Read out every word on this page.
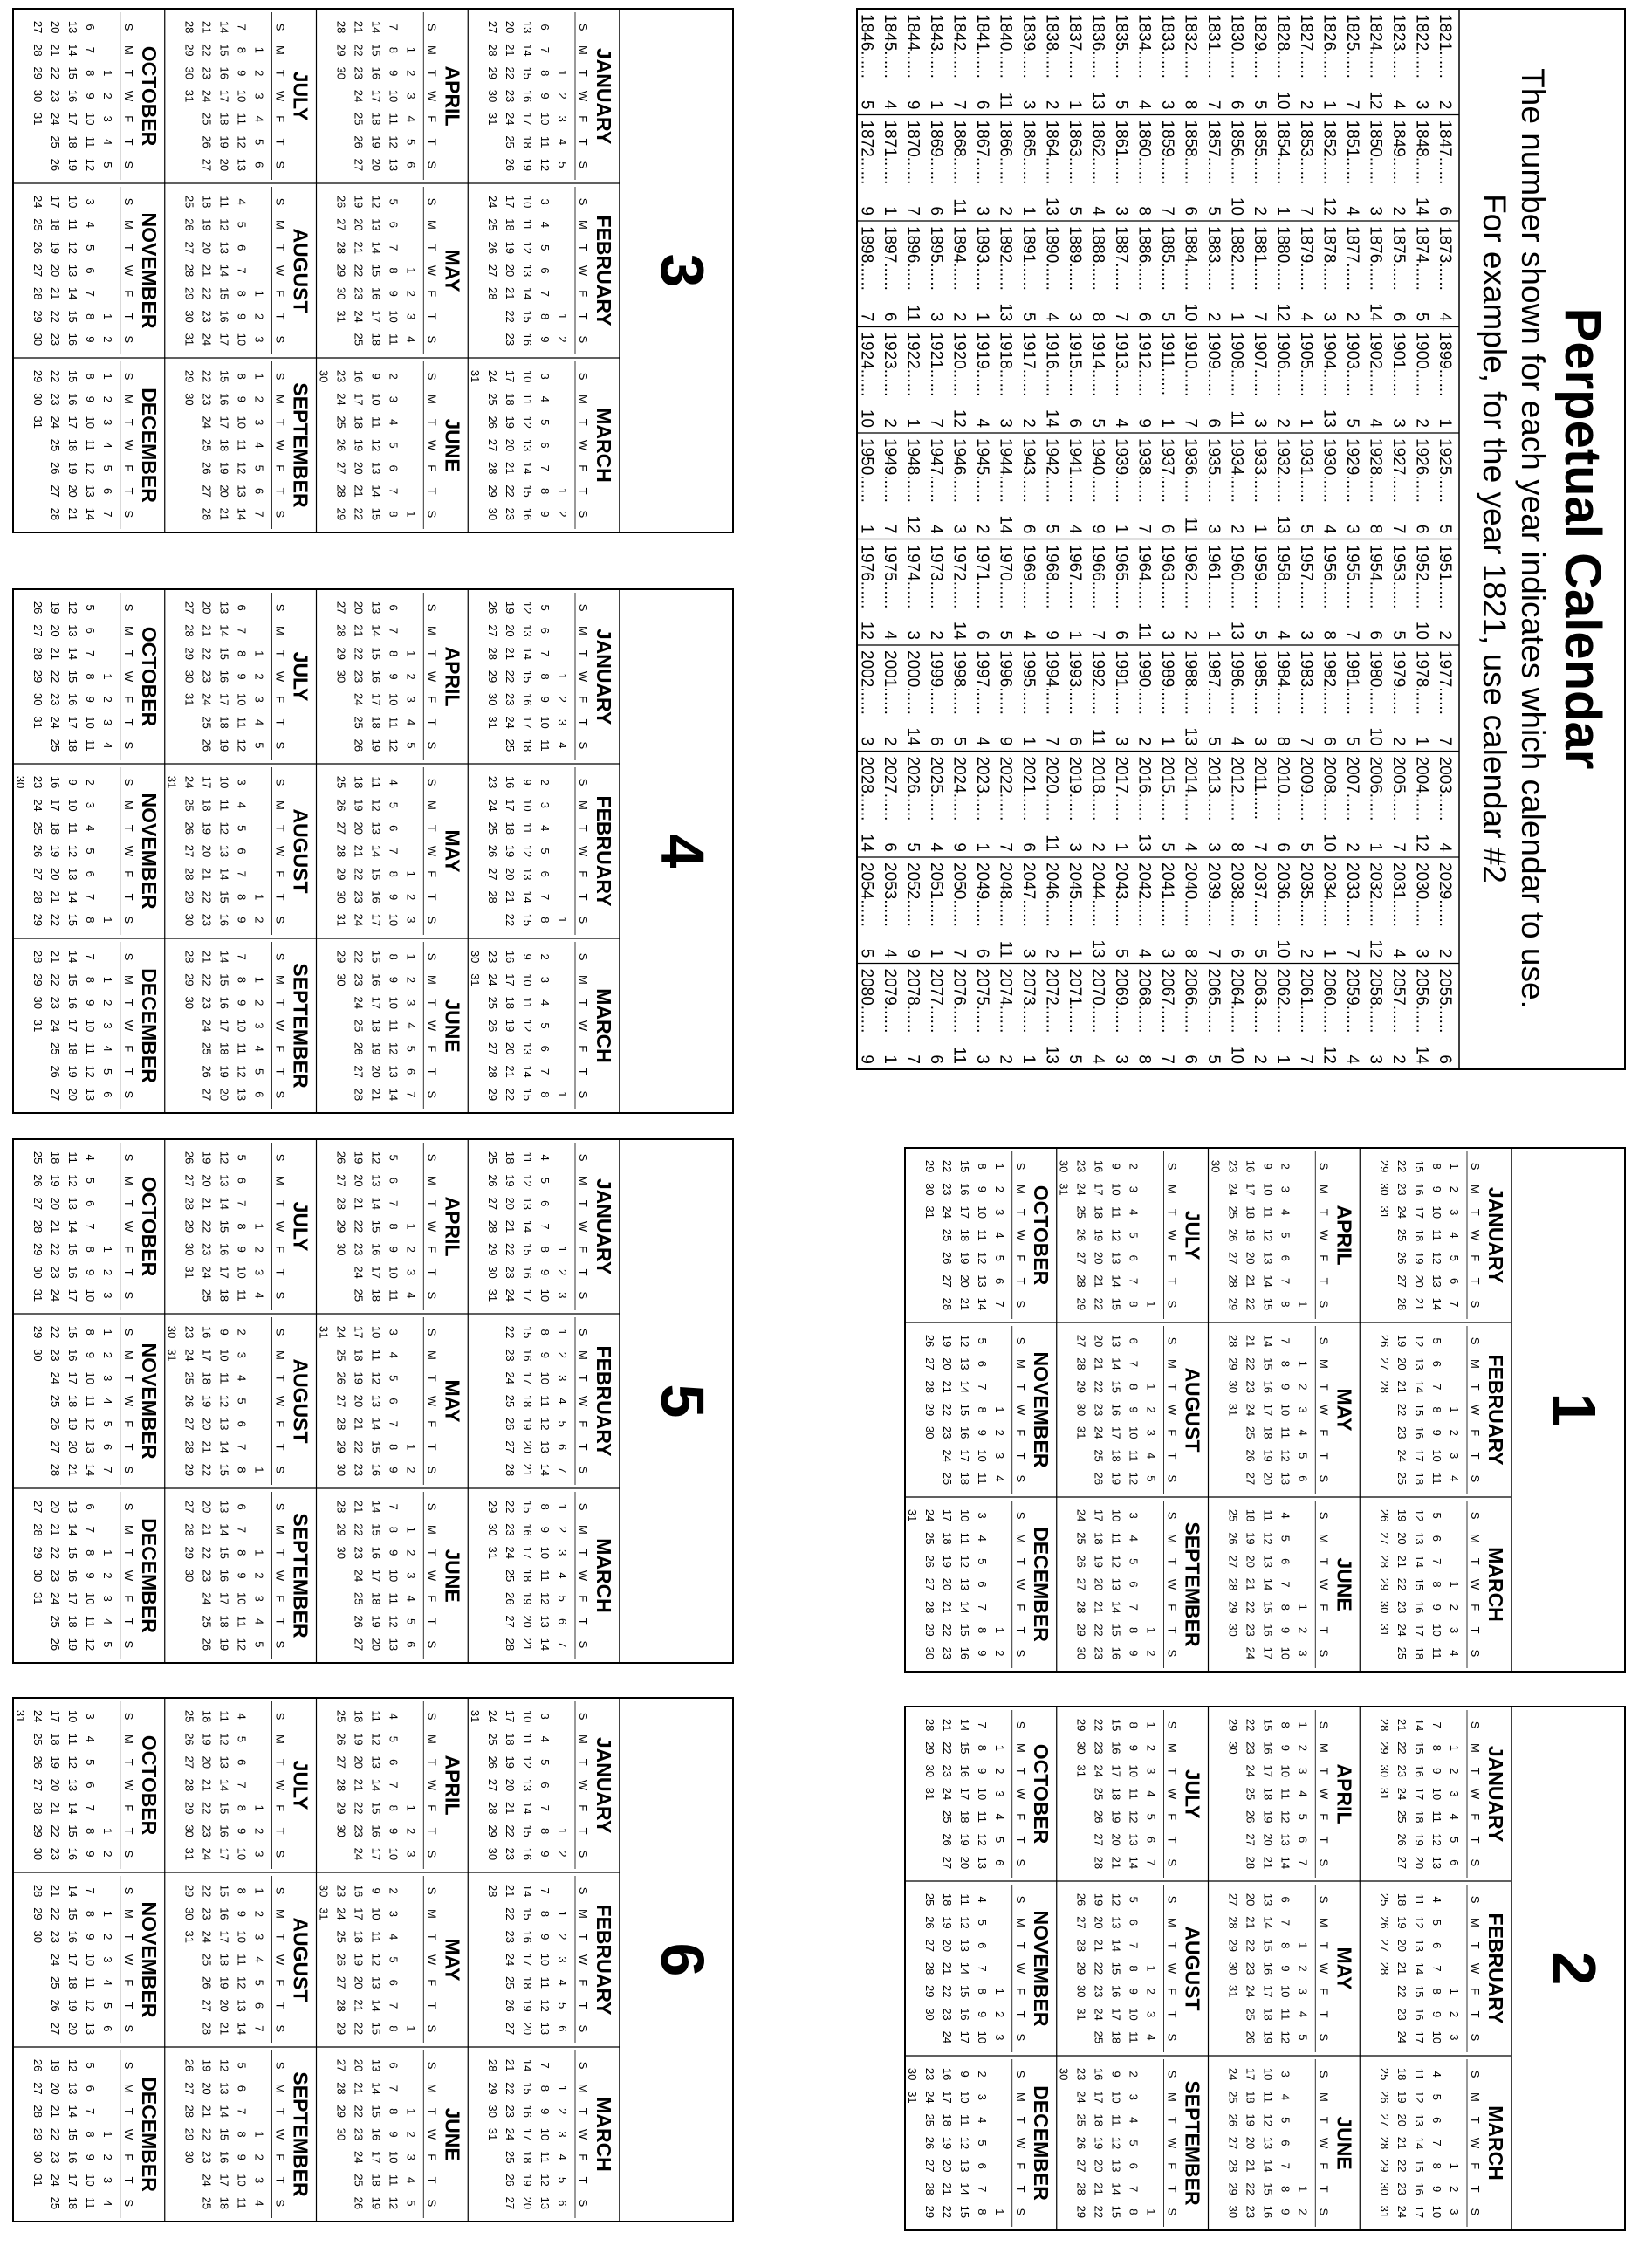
Perpetual Calendar
The number shown for each year indicates which calendar to use.
For example, for the year 1821, use calendar #2
1821......
2
1822......
3
1823......
4
1824......
12
1825......
7
1826......
1
1827......
2
1828......
10
1829......
5
1830......
6
1831......
7
1832......
8
1833......
3
1834......
4
1835......
5
1836......
13
1837......
1
1838......
2
1839......
3
1840......
11
1841......
6
1842......
7
1843......
1
1844......
9
1845......
4
1846......
5
1847......
6
1848......
14
1849......
2
1850......
3
1851......
4
1852......
12
1853......
7
1854......
1
1855......
2
1856......
10
1857......
5
1858......
6
1859......
7
1860......
8
1861......
3
1862......
4
1863......
5
1864......
13
1865......
1
1866......
2
1867......
3
1868......
11
1869......
6
1870......
7
1871......
1
1872......
9
1873......
4
1874......
5
1875......
6
1876......
14
1877......
2
1878......
3
1879......
4
1880......
12
1881......
7
1882......
1
1883......
2
1884......
10
1885......
5
1886......
6
1887......
7
1888......
8
1889......
3
1890......
4
1891......
5
1892......
13
1893......
1
1894......
2
1895......
3
1896......
11
1897......
6
1898......
7
1899......
1
1900......
2
1901......
3
1902......
4
1903......
5
1904......
13
1905......
1
1906......
2
1907......
3
1908......
11
1909......
6
1910......
7
1911......
1
1912......
9
1913......
4
1914......
5
1915......
6
1916......
14
1917......
2
1918......
3
1919......
4
1920......
12
1921......
7
1922......
1
1923......
2
1924......
10
1925......
5
1926......
6
1927......
7
1928......
8
1929......
3
1930......
4
1931......
5
1932......
13
1933......
1
1934......
2
1935......
3
1936......
11
1937......
6
1938......
7
1939......
1
1940......
9
1941......
4
1942......
5
1943......
6
1944......
14
1945......
2
1946......
3
1947......
4
1948......
12
1949......
7
1950......
1
1951......
2
1952......
10
1953......
5
1954......
6
1955......
7
1956......
8
1957......
3
1958......
4
1959......
5
1960......
13
1961......
1
1962......
2
1963......
3
1964......
11
1965......
6
1966......
7
1967......
1
1968......
9
1969......
4
1970......
5
1971......
6
1972......
14
1973......
2
1974......
3
1975......
4
1976......
12
1977......
7
1978......
1
1979......
2
1980......
10
1981......
5
1982......
6
1983......
7
1984......
8
1985......
3
1986......
4
1987......
5
1988......
13
1989......
1
1990......
2
1991......
3
1992......
11
1993......
6
1994......
7
1995......
1
1996......
9
1997......
4
1998......
5
1999......
6
2000......
14
2001......
2
2002......
3
2003......
4
2004......
12
2005......
7
2006......
1
2007......
2
2008......
10
2009......
5
2010......
6
2011......
7
2012......
8
2013......
3
2014......
4
2015......
5
2016......
13
2017......
1
2018......
2
2019......
3
2020......
11
2021......
6
2022......
7
2023......
1
2024......
9
2025......
4
2026......
5
2027......
6
2028......
14
2029......
2
2030......
3
2031......
4
2032......
12
2033......
7
2034......
1
2035......
2
2036......
10
2037......
5
2038......
6
2039......
7
2040......
8
2041......
3
2042......
4
2043......
5
2044......
13
2045......
1
2046......
2
2047......
3
2048......
11
2049......
6
2050......
7
2051......
1
2052......
9
2053......
4
2054......
5
2055......
6
2056......
14
2057......
2
2058......
3
2059......
4
2060......
12
2061......
7
2062......
1
2063......
2
2064......
10
2065......
5
2066......
6
2067......
7
2068......
8
2069......
3
2070......
4
2071......
5
2072......
13
2073......
1
2074......
2
2075......
3
2076......
11
2077......
6
2078......
7
2079......
1
2080......
9
3
JANUARY
S
M
T
W
F
T
S
1
2
3
4
5
6
7
8
9
10
11
12
13
14
15
16
17
18
19
20
21
22
23
24
25
26
27
28
29
30
31
FEBRUARY
S
M
T
W
F
T
S
1
2
3
4
5
6
7
8
9
10
11
12
13
14
15
16
17
18
19
20
21
22
23
24
25
26
27
28
MARCH
S
M
T
W
F
T
S
1
2
3
4
5
6
7
8
9
10
11
12
13
14
15
16
17
18
19
20
21
22
23
24
25
26
27
28
29
30
31
APRIL
S
M
T
W
F
T
S
1
2
3
4
5
6
7
8
9
10
11
12
13
14
15
16
17
18
19
20
21
22
23
24
25
26
27
28
29
30
MAY
S
M
T
W
F
T
S
1
2
3
4
5
6
7
8
9
10
11
12
13
14
15
16
17
18
19
20
21
22
23
24
25
26
27
28
29
30
31
JUNE
S
M
T
W
F
T
S
1
2
3
4
5
6
7
8
9
10
11
12
13
14
15
16
17
18
19
20
21
22
23
24
25
26
27
28
29
30
JULY
S
M
T
W
F
T
S
1
2
3
4
5
6
7
8
9
10
11
12
13
14
15
16
17
18
19
20
21
22
23
24
25
26
27
28
29
30
31
AUGUST
S
M
T
W
F
T
S
1
2
3
4
5
6
7
8
9
10
11
12
13
14
15
16
17
18
19
20
21
22
23
24
25
26
27
28
29
30
31
SEPTEMBER
S
M
T
W
F
T
S
1
2
3
4
5
6
7
8
9
10
11
12
13
14
15
16
17
18
19
20
21
22
23
24
25
26
27
28
29
30
OCTOBER
S
M
T
W
F
T
S
1
2
3
4
5
6
7
8
9
10
11
12
13
14
15
16
17
18
19
20
21
22
23
24
25
26
27
28
29
30
31
NOVEMBER
S
M
T
W
F
T
S
1
2
3
4
5
6
7
8
9
10
11
12
13
14
15
16
17
18
19
20
21
22
23
24
25
26
27
28
29
30
DECEMBER
S
M
T
W
F
T
S
1
2
3
4
5
6
7
8
9
10
11
12
13
14
15
16
17
18
19
20
21
22
23
24
25
26
27
28
29
30
31
4
JANUARY
S
M
T
W
F
T
S
1
2
3
4
5
6
7
8
9
10
11
12
13
14
15
16
17
18
19
20
21
22
23
24
25
26
27
28
29
30
31
FEBRUARY
S
M
T
W
F
T
S
1
2
3
4
5
6
7
8
9
10
11
12
13
14
15
16
17
18
19
20
21
22
23
24
25
26
27
28
MARCH
S
M
T
W
F
T
S
1
2
3
4
5
6
7
8
9
10
11
12
13
14
15
16
17
18
19
20
21
22
23
24
25
26
27
28
29
30
31
APRIL
S
M
T
W
F
T
S
1
2
3
4
5
6
7
8
9
10
11
12
13
14
15
16
17
18
19
20
21
22
23
24
25
26
27
28
29
30
MAY
S
M
T
W
F
T
S
1
2
3
4
5
6
7
8
9
10
11
12
13
14
15
16
17
18
19
20
21
22
23
24
25
26
27
28
29
30
31
JUNE
S
M
T
W
F
T
S
1
2
3
4
5
6
7
8
9
10
11
12
13
14
15
16
17
18
19
20
21
22
23
24
25
26
27
28
29
30
JULY
S
M
T
W
F
T
S
1
2
3
4
5
6
7
8
9
10
11
12
13
14
15
16
17
18
19
20
21
22
23
24
25
26
27
28
29
30
31
AUGUST
S
M
T
W
F
T
S
1
2
3
4
5
6
7
8
9
10
11
12
13
14
15
16
17
18
19
20
21
22
23
24
25
26
27
28
29
30
31
SEPTEMBER
S
M
T
W
F
T
S
1
2
3
4
5
6
7
8
9
10
11
12
13
14
15
16
17
18
19
20
21
22
23
24
25
26
27
28
29
30
OCTOBER
S
M
T
W
F
T
S
1
2
3
4
5
6
7
8
9
10
11
12
13
14
15
16
17
18
19
20
21
22
23
24
25
26
27
28
29
30
31
NOVEMBER
S
M
T
W
F
T
S
1
2
3
4
5
6
7
8
9
10
11
12
13
14
15
16
17
18
19
20
21
22
23
24
25
26
27
28
29
30
DECEMBER
S
M
T
W
F
T
S
1
2
3
4
5
6
7
8
9
10
11
12
13
14
15
16
17
18
19
20
21
22
23
24
25
26
27
28
29
30
31
5
JANUARY
S
M
T
W
F
T
S
1
2
3
4
5
6
7
8
9
10
11
12
13
14
15
16
17
18
19
20
21
22
23
24
25
26
27
28
29
30
31
FEBRUARY
S
M
T
W
F
T
S
1
2
3
4
5
6
7
8
9
10
11
12
13
14
15
16
17
18
19
20
21
22
23
24
25
26
27
28
MARCH
S
M
T
W
F
T
S
1
2
3
4
5
6
7
8
9
10
11
12
13
14
15
16
17
18
19
20
21
22
23
24
25
26
27
28
29
30
31
APRIL
S
M
T
W
F
T
S
1
2
3
4
5
6
7
8
9
10
11
12
13
14
15
16
17
18
19
20
21
22
23
24
25
26
27
28
29
30
MAY
S
M
T
W
F
T
S
1
2
3
4
5
6
7
8
9
10
11
12
13
14
15
16
17
18
19
20
21
22
23
24
25
26
27
28
29
30
31
JUNE
S
M
T
W
F
T
S
1
2
3
4
5
6
7
8
9
10
11
12
13
14
15
16
17
18
19
20
21
22
23
24
25
26
27
28
29
30
JULY
S
M
T
W
F
T
S
1
2
3
4
5
6
7
8
9
10
11
12
13
14
15
16
17
18
19
20
21
22
23
24
25
26
27
28
29
30
31
AUGUST
S
M
T
W
F
T
S
1
2
3
4
5
6
7
8
9
10
11
12
13
14
15
16
17
18
19
20
21
22
23
24
25
26
27
28
29
30
31
SEPTEMBER
S
M
T
W
F
T
S
1
2
3
4
5
6
7
8
9
10
11
12
13
14
15
16
17
18
19
20
21
22
23
24
25
26
27
28
29
30
OCTOBER
S
M
T
W
F
T
S
1
2
3
4
5
6
7
8
9
10
11
12
13
14
15
16
17
18
19
20
21
22
23
24
25
26
27
28
29
30
31
NOVEMBER
S
M
T
W
F
T
S
1
2
3
4
5
6
7
8
9
10
11
12
13
14
15
16
17
18
19
20
21
22
23
24
25
26
27
28
29
30
DECEMBER
S
M
T
W
F
T
S
1
2
3
4
5
6
7
8
9
10
11
12
13
14
15
16
17
18
19
20
21
22
23
24
25
26
27
28
29
30
31
6
JANUARY
S
M
T
W
F
T
S
1
2
3
4
5
6
7
8
9
10
11
12
13
14
15
16
17
18
19
20
21
22
23
24
25
26
27
28
29
30
31
FEBRUARY
S
M
T
W
F
T
S
1
2
3
4
5
6
7
8
9
10
11
12
13
14
15
16
17
18
19
20
21
22
23
24
25
26
27
28
MARCH
S
M
T
W
F
T
S
1
2
3
4
5
6
7
8
9
10
11
12
13
14
15
16
17
18
19
20
21
22
23
24
25
26
27
28
29
30
31
APRIL
S
M
T
W
F
T
S
1
2
3
4
5
6
7
8
9
10
11
12
13
14
15
16
17
18
19
20
21
22
23
24
25
26
27
28
29
30
MAY
S
M
T
W
F
T
S
1
2
3
4
5
6
7
8
9
10
11
12
13
14
15
16
17
18
19
20
21
22
23
24
25
26
27
28
29
30
31
JUNE
S
M
T
W
F
T
S
1
2
3
4
5
6
7
8
9
10
11
12
13
14
15
16
17
18
19
20
21
22
23
24
25
26
27
28
29
30
JULY
S
M
T
W
F
T
S
1
2
3
4
5
6
7
8
9
10
11
12
13
14
15
16
17
18
19
20
21
22
23
24
25
26
27
28
29
30
31
AUGUST
S
M
T
W
F
T
S
1
2
3
4
5
6
7
8
9
10
11
12
13
14
15
16
17
18
19
20
21
22
23
24
25
26
27
28
29
30
31
SEPTEMBER
S
M
T
W
F
T
S
1
2
3
4
5
6
7
8
9
10
11
12
13
14
15
16
17
18
19
20
21
22
23
24
25
26
27
28
29
30
OCTOBER
S
M
T
W
F
T
S
1
2
3
4
5
6
7
8
9
10
11
12
13
14
15
16
17
18
19
20
21
22
23
24
25
26
27
28
29
30
31
NOVEMBER
S
M
T
W
F
T
S
1
2
3
4
5
6
7
8
9
10
11
12
13
14
15
16
17
18
19
20
21
22
23
24
25
26
27
28
29
30
DECEMBER
S
M
T
W
F
T
S
1
2
3
4
5
6
7
8
9
10
11
12
13
14
15
16
17
18
19
20
21
22
23
24
25
26
27
28
29
30
31
1
JANUARY
S
M
T
W
F
T
S
1
2
3
4
5
6
7
8
9
10
11
12
13
14
15
16
17
18
19
20
21
22
23
24
25
26
27
28
29
30
31
FEBRUARY
S
M
T
W
F
T
S
1
2
3
4
5
6
7
8
9
10
11
12
13
14
15
16
17
18
19
20
21
22
23
24
25
26
27
28
MARCH
S
M
T
W
F
T
S
1
2
3
4
5
6
7
8
9
10
11
12
13
14
15
16
17
18
19
20
21
22
23
24
25
26
27
28
29
30
31
APRIL
S
M
T
W
F
T
S
1
2
3
4
5
6
7
8
9
10
11
12
13
14
15
16
17
18
19
20
21
22
23
24
25
26
27
28
29
30
MAY
S
M
T
W
F
T
S
1
2
3
4
5
6
7
8
9
10
11
12
13
14
15
16
17
18
19
20
21
22
23
24
25
26
27
28
29
30
31
JUNE
S
M
T
W
F
T
S
1
2
3
4
5
6
7
8
9
10
11
12
13
14
15
16
17
18
19
20
21
22
23
24
25
26
27
28
29
30
JULY
S
M
T
W
F
T
S
1
2
3
4
5
6
7
8
9
10
11
12
13
14
15
16
17
18
19
20
21
22
23
24
25
26
27
28
29
30
31
AUGUST
S
M
T
W
F
T
S
1
2
3
4
5
6
7
8
9
10
11
12
13
14
15
16
17
18
19
20
21
22
23
24
25
26
27
28
29
30
31
SEPTEMBER
S
M
T
W
F
T
S
1
2
3
4
5
6
7
8
9
10
11
12
13
14
15
16
17
18
19
20
21
22
23
24
25
26
27
28
29
30
OCTOBER
S
M
T
W
F
T
S
1
2
3
4
5
6
7
8
9
10
11
12
13
14
15
16
17
18
19
20
21
22
23
24
25
26
27
28
29
30
31
NOVEMBER
S
M
T
W
F
T
S
1
2
3
4
5
6
7
8
9
10
11
12
13
14
15
16
17
18
19
20
21
22
23
24
25
26
27
28
29
30
DECEMBER
S
M
T
W
F
T
S
1
2
3
4
5
6
7
8
9
10
11
12
13
14
15
16
17
18
19
20
21
22
23
24
25
26
27
28
29
30
31
2
JANUARY
S
M
T
W
F
T
S
1
2
3
4
5
6
7
8
9
10
11
12
13
14
15
16
17
18
19
20
21
22
23
24
25
26
27
28
29
30
31
FEBRUARY
S
M
T
W
F
T
S
1
2
3
4
5
6
7
8
9
10
11
12
13
14
15
16
17
18
19
20
21
22
23
24
25
26
27
28
MARCH
S
M
T
W
F
T
S
1
2
3
4
5
6
7
8
9
10
11
12
13
14
15
16
17
18
19
20
21
22
23
24
25
26
27
28
29
30
31
APRIL
S
M
T
W
F
T
S
1
2
3
4
5
6
7
8
9
10
11
12
13
14
15
16
17
18
19
20
21
22
23
24
25
26
27
28
29
30
MAY
S
M
T
W
F
T
S
1
2
3
4
5
6
7
8
9
10
11
12
13
14
15
16
17
18
19
20
21
22
23
24
25
26
27
28
29
30
31
JUNE
S
M
T
W
F
T
S
1
2
3
4
5
6
7
8
9
10
11
12
13
14
15
16
17
18
19
20
21
22
23
24
25
26
27
28
29
30
JULY
S
M
T
W
F
T
S
1
2
3
4
5
6
7
8
9
10
11
12
13
14
15
16
17
18
19
20
21
22
23
24
25
26
27
28
29
30
31
AUGUST
S
M
T
W
F
T
S
1
2
3
4
5
6
7
8
9
10
11
12
13
14
15
16
17
18
19
20
21
22
23
24
25
26
27
28
29
30
31
SEPTEMBER
S
M
T
W
F
T
S
1
2
3
4
5
6
7
8
9
10
11
12
13
14
15
16
17
18
19
20
21
22
23
24
25
26
27
28
29
30
OCTOBER
S
M
T
W
F
T
S
1
2
3
4
5
6
7
8
9
10
11
12
13
14
15
16
17
18
19
20
21
22
23
24
25
26
27
28
29
30
31
NOVEMBER
S
M
T
W
F
T
S
1
2
3
4
5
6
7
8
9
10
11
12
13
14
15
16
17
18
19
20
21
22
23
24
25
26
27
28
29
30
DECEMBER
S
M
T
W
F
T
S
1
2
3
4
5
6
7
8
9
10
11
12
13
14
15
16
17
18
19
20
21
22
23
24
25
26
27
28
29
30
31
